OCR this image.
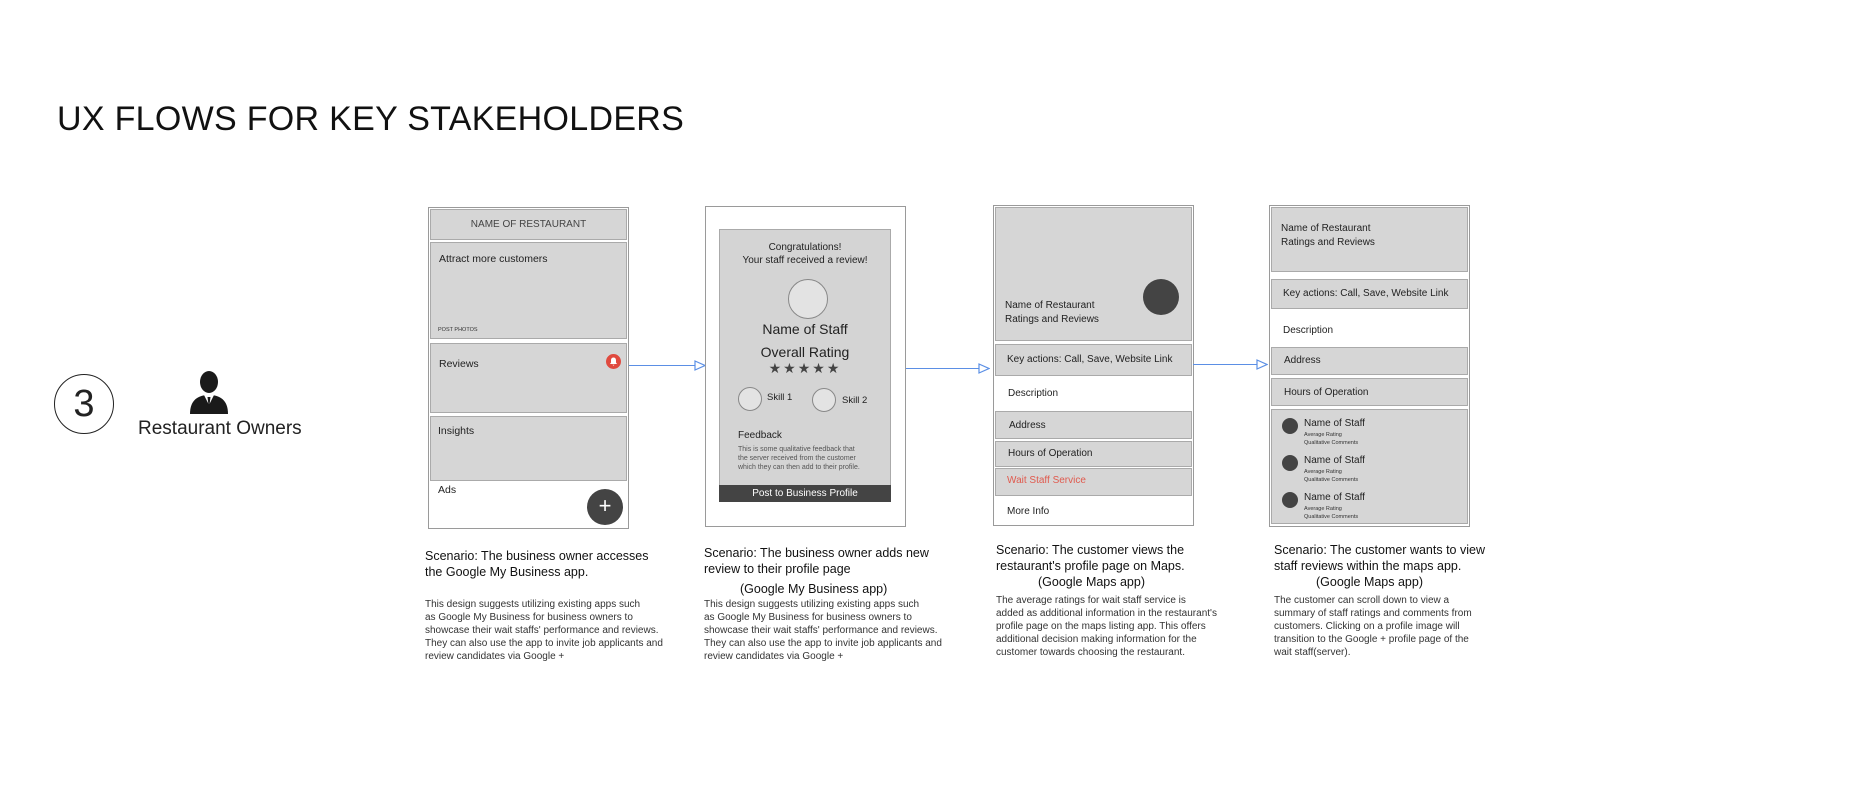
UX FLOWS FOR KEY STAKEHOLDERS
3
Restaurant Owners
NAME OF RESTAURANT
Attract more customers
POST PHOTOS
Reviews
Insights
Ads
+
Congratulations!
Your staff received a review!
Name of Staff
Overall Rating
★★★★★
Skill 1	Skill 2
Feedback
This is some qualitative feedback that
the server received from the customer
which they can then add to their profile.
Post to Business Profile
Name of Restaurant
Ratings and Reviews
Key actions: Call, Save, Website Link
Description
Address
Hours of Operation
Wait Staff Service
More Info
Name of Restaurant
Ratings and Reviews
Key actions: Call, Save, Website Link
Description
Address
Hours of Operation
Name of Staff
Average Rating
Qualitative Comments
Name of Staff
Average Rating
Qualitative Comments
Name of Staff
Average Rating
Qualitative Comments
Scenario: The business owner accesses
the Google My Business app.
This design suggests utilizing existing apps such
as Google My Business for business owners to
showcase their wait staffs' performance and reviews.
They can also use the app to invite job applicants and
review candidates via Google +
Scenario: The business owner adds new
review to their profile page
(Google My Business app)
This design suggests utilizing existing apps such
as Google My Business for business owners to
showcase their wait staffs' performance and reviews.
They can also use the app to invite job applicants and
review candidates via Google +
Scenario: The customer views the
restaurant's profile page on Maps.
(Google Maps app)
The average ratings for wait staff service is
added as additional information in the restaurant's
profile page on the maps listing app. This offers
additional decision making information for the
customer towards choosing the restaurant.
Scenario: The customer wants to view
staff reviews within the maps app.
(Google Maps app)
The customer can scroll down to view a
summary of staff ratings and comments from
customers. Clicking on a profile image will
transition to the Google + profile page of the
wait staff(server).
